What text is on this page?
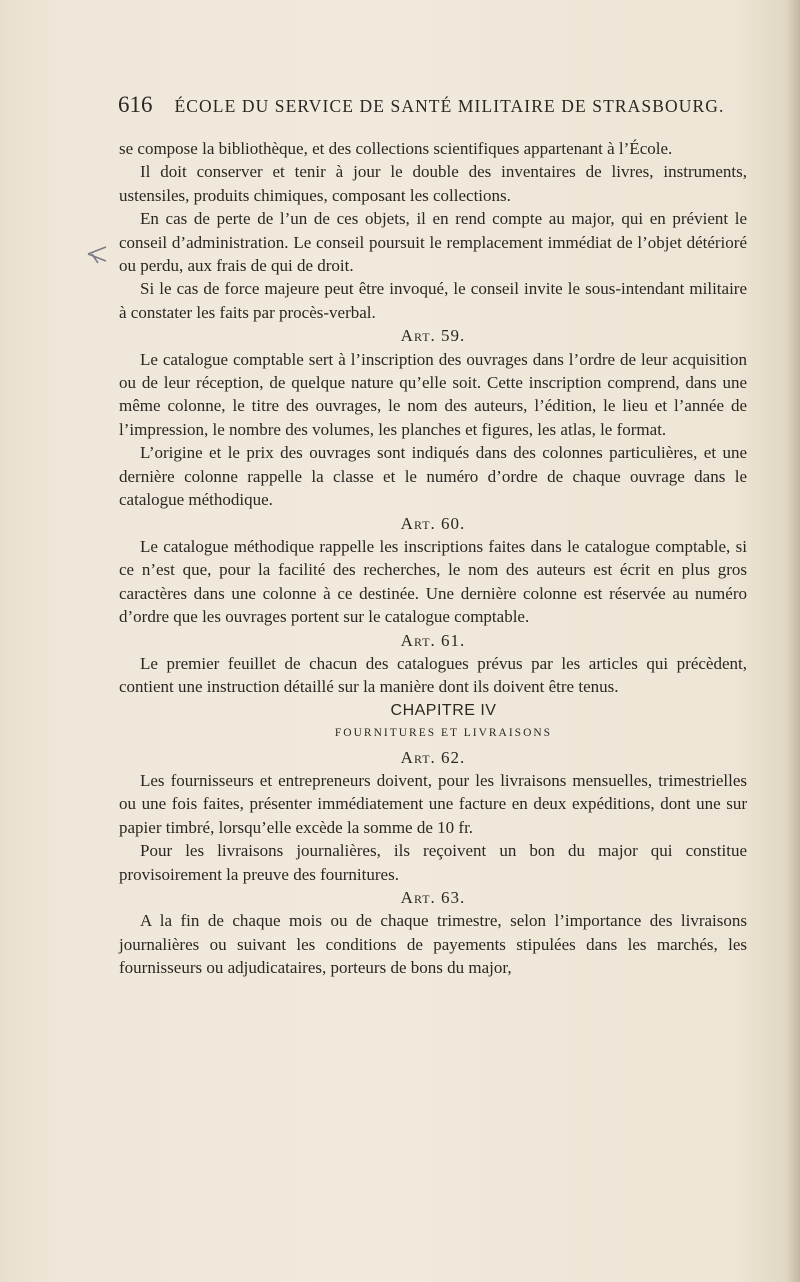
616 ÉCOLE DU SERVICE DE SANTÉ MILITAIRE DE STRASBOURG.

se compose la bibliothèque, et des collections scientifiques appartenant à l’École.

Il doit conserver et tenir à jour le double des inventaires de livres, instruments, ustensiles, produits chimiques, composant les collections.

En cas de perte de l’un de ces objets, il en rend compte au major, qui en prévient le conseil d’administration. Le conseil poursuit le remplacement immédiat de l’objet détérioré ou perdu, aux frais de qui de droit.

Si le cas de force majeure peut être invoqué, le conseil invite le sous-intendant militaire à constater les faits par procès-verbal.

Art. 59.

Le catalogue comptable sert à l’inscription des ouvrages dans l’ordre de leur acquisition ou de leur réception, de quelque nature qu’elle soit. Cette inscription comprend, dans une même colonne, le titre des ouvrages, le nom des auteurs, l’édition, le lieu et l’année de l’impression, le nombre des volumes, les planches et figures, les atlas, le format.

L’origine et le prix des ouvrages sont indiqués dans des colonnes particulières, et une dernière colonne rappelle la classe et le numéro d’ordre de chaque ouvrage dans le catalogue méthodique.

Art. 60.

Le catalogue méthodique rappelle les inscriptions faites dans le catalogue comptable, si ce n’est que, pour la facilité des recherches, le nom des auteurs est écrit en plus gros caractères dans une colonne à ce destinée. Une dernière colonne est réservée au numéro d’ordre que les ouvrages portent sur le catalogue comptable.

Art. 61.

Le premier feuillet de chacun des catalogues prévus par les articles qui précèdent, contient une instruction détaillé sur la manière dont ils doivent être tenus.

CHAPITRE IV

FOURNITURES ET LIVRAISONS

Art. 62.

Les fournisseurs et entrepreneurs doivent, pour les livraisons mensuelles, trimestrielles ou une fois faites, présenter immédiatement une facture en deux expéditions, dont une sur papier timbré, lorsqu’elle excède la somme de 10 fr.

Pour les livraisons journalières, ils reçoivent un bon du major qui constitue provisoirement la preuve des fournitures.

Art. 63.

A la fin de chaque mois ou de chaque trimestre, selon l’importance des livraisons journalières ou suivant les conditions de payements stipulées dans les marchés, les fournisseurs ou adjudicataires, porteurs de bons du major,
